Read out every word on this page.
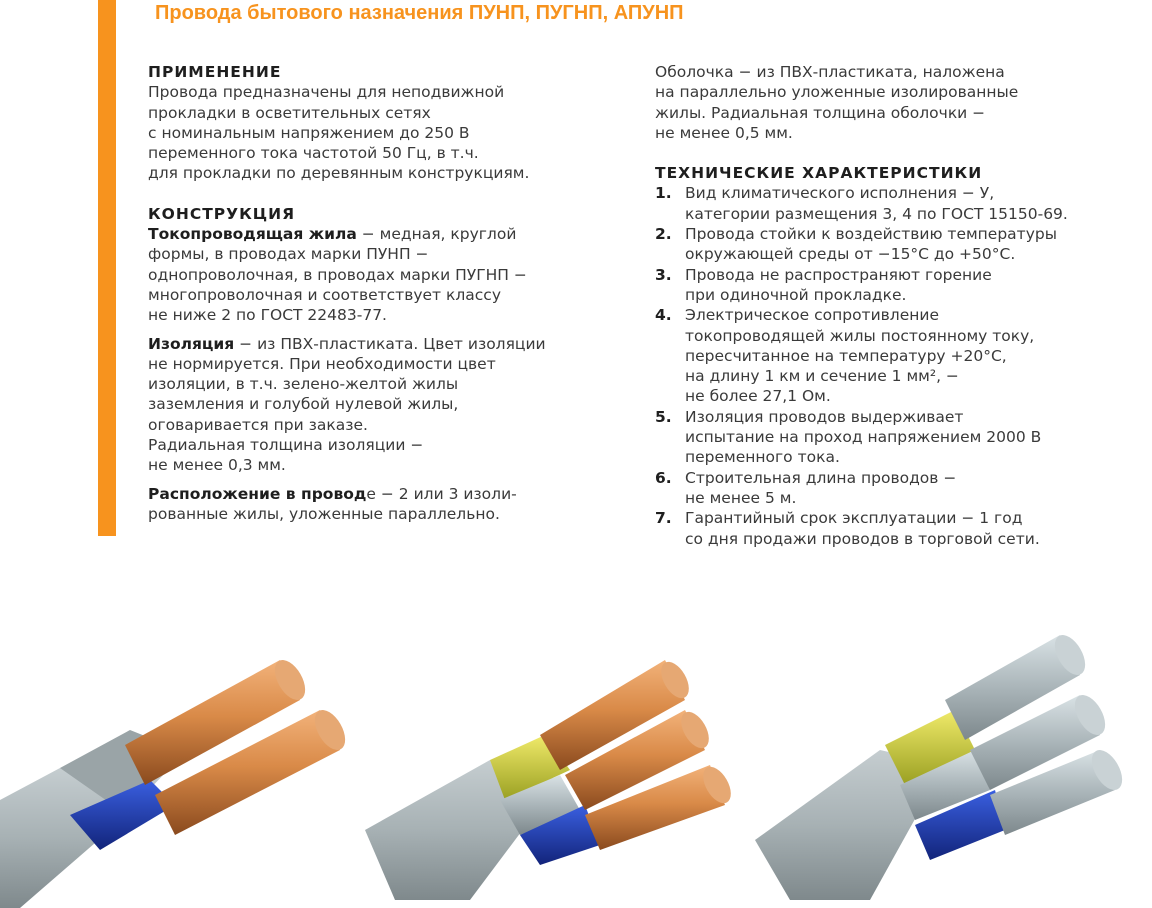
Провода бытового назначения ПУНП, ПУГНП, АПУНП

ПРИМЕНЕНИЕ

Провода предназначены для неподвижной

прокладки в осветительных сетях

с номинальным напряжением до 250 В

переменного тока частотой 50 Гц, в т.ч.

для прокладки по деревянным конструкциям.

КОНСТРУКЦИЯ

Токопроводящая жила − медная, круглой

формы, в проводах марки ПУНП −

однопроволочная, в проводах марки ПУГНП −

многопроволочная и соответствует классу

не ниже 2 по ГОСТ 22483-77.

Изоляция − из ПВХ-пластиката. Цвет изоляции

не нормируется. При необходимости цвет

изоляции, в т.ч. зелено-желтой жилы

заземления и голубой нулевой жилы,

оговаривается при заказе.

Радиальная толщина изоляции −

не менее 0,3 мм.

Расположение в проводе − 2 или 3 изоли-

рованные жилы, уложенные параллельно.

Оболочка − из ПВХ-пластиката, наложена

на параллельно уложенные изолированные

жилы. Радиальная толщина оболочки −

не менее 0,5 мм.

ТЕХНИЧЕСКИЕ ХАРАКТЕРИСТИКИ

1. Вид климатического исполнения − У,
категории размещения 3, 4 по ГОСТ 15150-69.
2. Провода стойки к воздействию температуры
окружающей среды от −15°С до +50°С.
3. Провода не распространяют горение
при одиночной прокладке.
4. Электрическое сопротивление
токопроводящей жилы постоянному току,
пересчитанное на температуру +20°С,
на длину 1 км и сечение 1 мм², −
не более 27,1 Ом.
5. Изоляция проводов выдерживает
испытание на проход напряжением 2000 В
переменного тока.
6. Строительная длина проводов −
не менее 5 м.
7. Гарантийный срок эксплуатации − 1 год
со дня продажи проводов в торговой сети.
